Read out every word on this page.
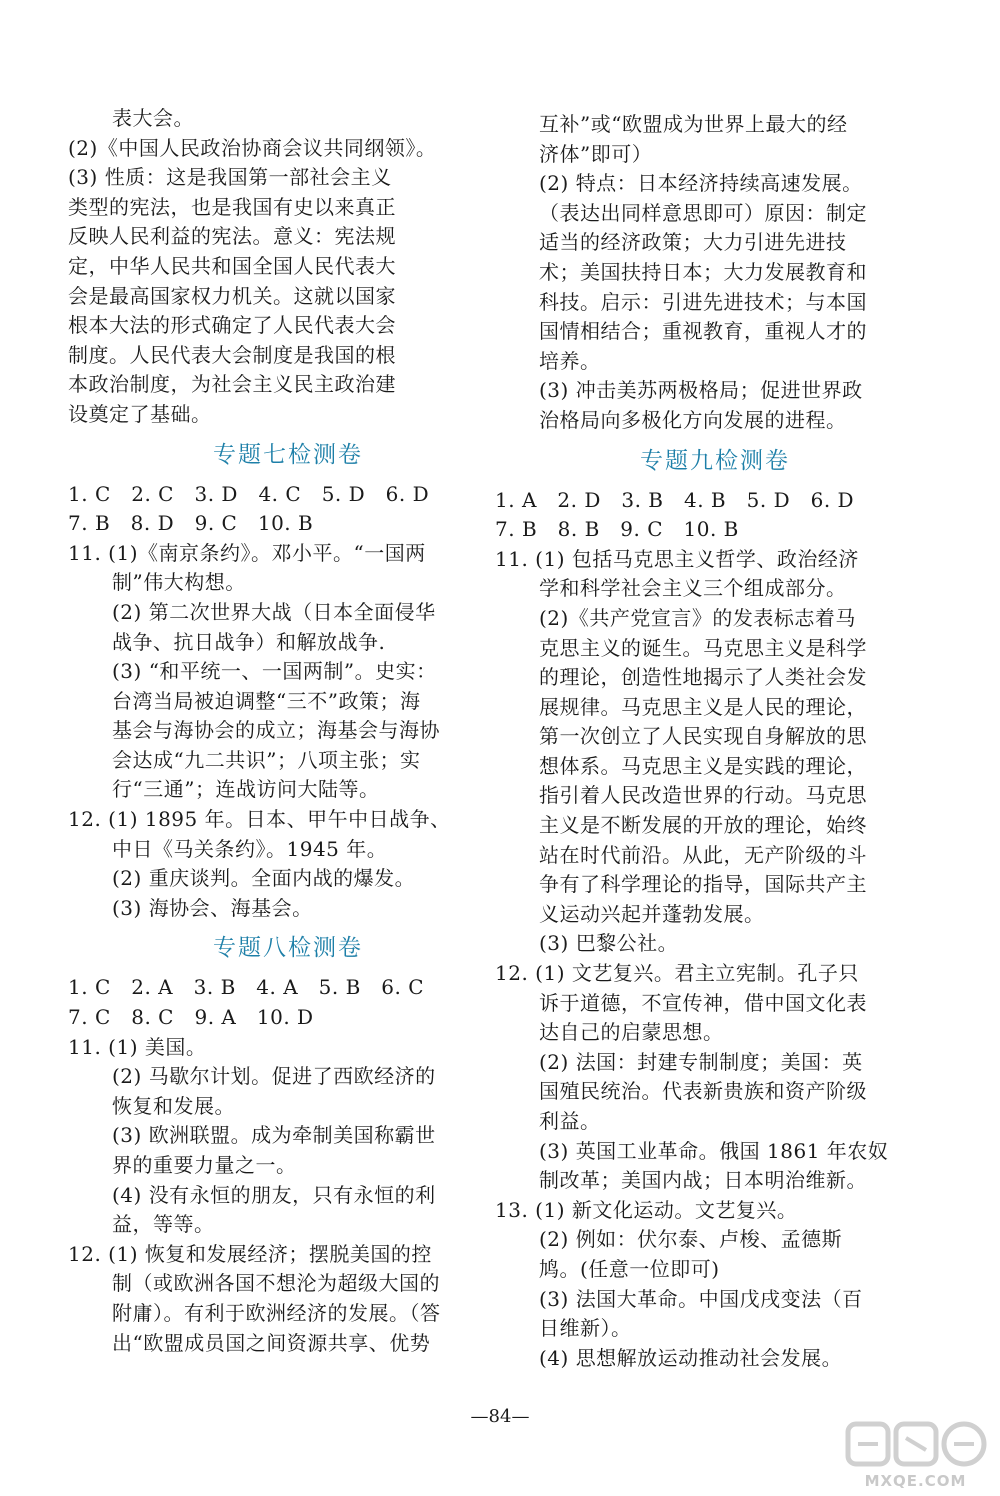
表大会。
(2)《中国人民政治协商会议共同纲领》。
(3) 性质：这是我国第一部社会主义
类型的宪法，也是我国有史以来真正
反映人民利益的宪法。意义：宪法规
定，中华人民共和国全国人民代表大
会是最高国家权力机关。这就以国家
根本大法的形式确定了人民代表大会
制度。人民代表大会制度是我国的根
本政治制度，为社会主义民主政治建
设奠定了基础。
专题七检测卷
1. C　2. C　3. D　4. C　5. D　6. D
7. B　8. D　9. C　10. B
11. (1)《南京条约》。邓小平。“一国两
制”伟大构想。
(2) 第二次世界大战（日本全面侵华
战争、抗日战争）和解放战争.
(3) “和平统一、一国两制”。史实：
台湾当局被迫调整“三不”政策；海
基会与海协会的成立；海基会与海协
会达成“九二共识”；八项主张；实
行“三通”；连战访问大陆等。
12. (1) 1895 年。日本、甲午中日战争、
中日《马关条约》。1945 年。
(2) 重庆谈判。全面内战的爆发。
(3) 海协会、海基会。
专题八检测卷
1. C　2. A　3. B　4. A　5. B　6. C
7. C　8. C　9. A　10. D
11. (1) 美国。
(2) 马歇尔计划。促进了西欧经济的
恢复和发展。
(3) 欧洲联盟。成为牵制美国称霸世
界的重要力量之一。
(4) 没有永恒的朋友，只有永恒的利
益，等等。
12. (1) 恢复和发展经济；摆脱美国的控
制（或欧洲各国不想沦为超级大国的
附庸）。有利于欧洲经济的发展。（答
出“欧盟成员国之间资源共享、优势
互补”或“欧盟成为世界上最大的经
济体”即可）
(2) 特点：日本经济持续高速发展。
（表达出同样意思即可）原因：制定
适当的经济政策；大力引进先进技
术；美国扶持日本；大力发展教育和
科技。启示：引进先进技术；与本国
国情相结合；重视教育，重视人才的
培养。
(3) 冲击美苏两极格局；促进世界政
治格局向多极化方向发展的进程。
专题九检测卷
1. A　2. D　3. B　4. B　5. D　6. D
7. B　8. B　9. C　10. B
11. (1) 包括马克思主义哲学、政治经济
学和科学社会主义三个组成部分。
(2)《共产党宣言》的发表标志着马
克思主义的诞生。马克思主义是科学
的理论，创造性地揭示了人类社会发
展规律。马克思主义是人民的理论，
第一次创立了人民实现自身解放的思
想体系。马克思主义是实践的理论，
指引着人民改造世界的行动。马克思
主义是不断发展的开放的理论，始终
站在时代前沿。从此，无产阶级的斗
争有了科学理论的指导，国际共产主
义运动兴起并蓬勃发展。
(3) 巴黎公社。
12. (1) 文艺复兴。君主立宪制。孔子只
诉于道德，不宣传神，借中国文化表
达自己的启蒙思想。
(2) 法国：封建专制制度；美国：英
国殖民统治。代表新贵族和资产阶级
利益。
(3) 英国工业革命。俄国 1861 年农奴
制改革；美国内战；日本明治维新。
13. (1) 新文化运动。文艺复兴。
(2) 例如：伏尔泰、卢梭、孟德斯
鸠。(任意一位即可)
(3) 法国大革命。中国戊戌变法（百
日维新）。
(4) 思想解放运动推动社会发展。
—84—
MXQE.COM
